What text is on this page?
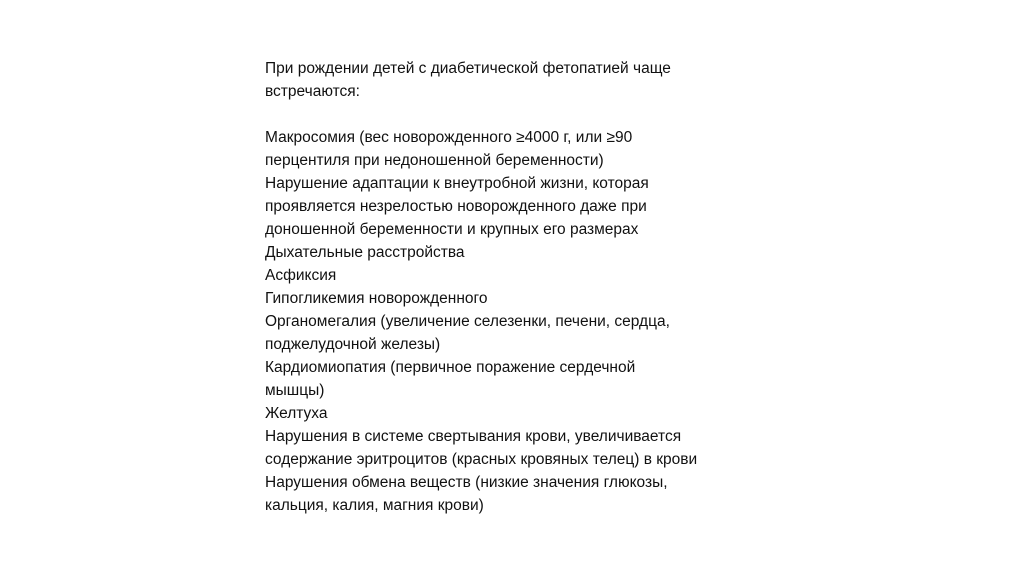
При рождении детей с диабетической фетопатией чаще
встречаются:
Макросомия (вес новорожденного ≥4000 г, или ≥90
перцентиля при недоношенной беременности)
Нарушение адаптации к внеутробной жизни, которая
проявляется незрелостью новорожденного даже при
доношенной беременности и крупных его размерах
Дыхательные расстройства
Асфиксия
Гипогликемия новорожденного
Органомегалия (увеличение селезенки, печени, сердца,
поджелудочной железы)
Кардиомиопатия (первичное поражение сердечной
мышцы)
Желтуха
Нарушения в системе свертывания крови, увеличивается
содержание эритроцитов (красных кровяных телец) в крови
Нарушения обмена веществ (низкие значения глюкозы,
кальция, калия, магния крови)
